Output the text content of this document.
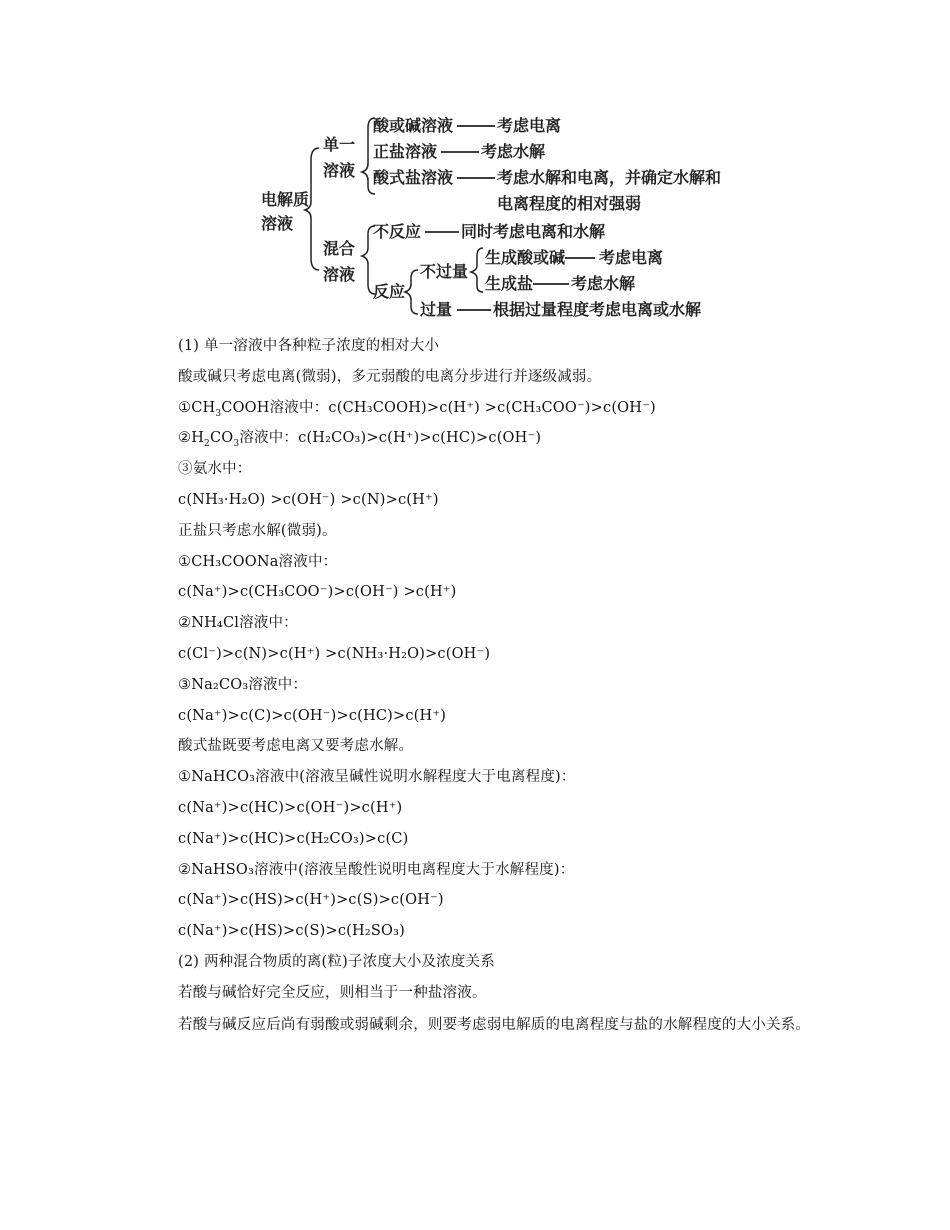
电解质
溶液
单一
溶液
混合
溶液
酸或碱溶液	考虑电离
正盐溶液	考虑水解
酸式盐溶液	考虑水解和电离，并确定水解和
电离程度的相对强弱
不反应 同时考虑电离和水解
反应
不过量
生成酸或碱 考虑电离
生成盐 考虑水解
过量	根据过量程度考虑电离或水解
(1) 单一溶液中各种粒子浓度的相对大小
酸或碱只考虑电离(微弱)，多元弱酸的电离分步进行并逐级减弱。
$①CH_3COOH$溶液中：c(CH₃COOH)>c(H⁺) >c(CH₃COO⁻)>c(OH⁻)
$②H_2CO_3$溶液中：c(H₂CO₃)>c(H⁺)>c(HC)>c(OH⁻)
③氨水中：
c(NH₃·H₂O) >c(OH⁻) >c(N)>c(H⁺)
正盐只考虑水解(微弱)。
①CH₃COONa溶液中：
c(Na⁺)>c(CH₃COO⁻)>c(OH⁻) >c(H⁺)
②NH₄Cl溶液中：
c(Cl⁻)>c(N)>c(H⁺) >c(NH₃·H₂O)>c(OH⁻)
③Na₂CO₃溶液中：
c(Na⁺)>c(C)>c(OH⁻)>c(HC)>c(H⁺)
酸式盐既要考虑电离又要考虑水解。
①NaHCO₃溶液中(溶液呈碱性说明水解程度大于电离程度)：
c(Na⁺)>c(HC)>c(OH⁻)>c(H⁺)
c(Na⁺)>c(HC)>c(H₂CO₃)>c(C)
②NaHSO₃溶液中(溶液呈酸性说明电离程度大于水解程度)：
c(Na⁺)>c(HS)>c(H⁺)>c(S)>c(OH⁻)
c(Na⁺)>c(HS)>c(S)>c(H₂SO₃)
(2) 两种混合物质的离(粒)子浓度大小及浓度关系
若酸与碱恰好完全反应，则相当于一种盐溶液。
若酸与碱反应后尚有弱酸或弱碱剩余，则要考虑弱电解质的电离程度与盐的水解程度的大小关系。
